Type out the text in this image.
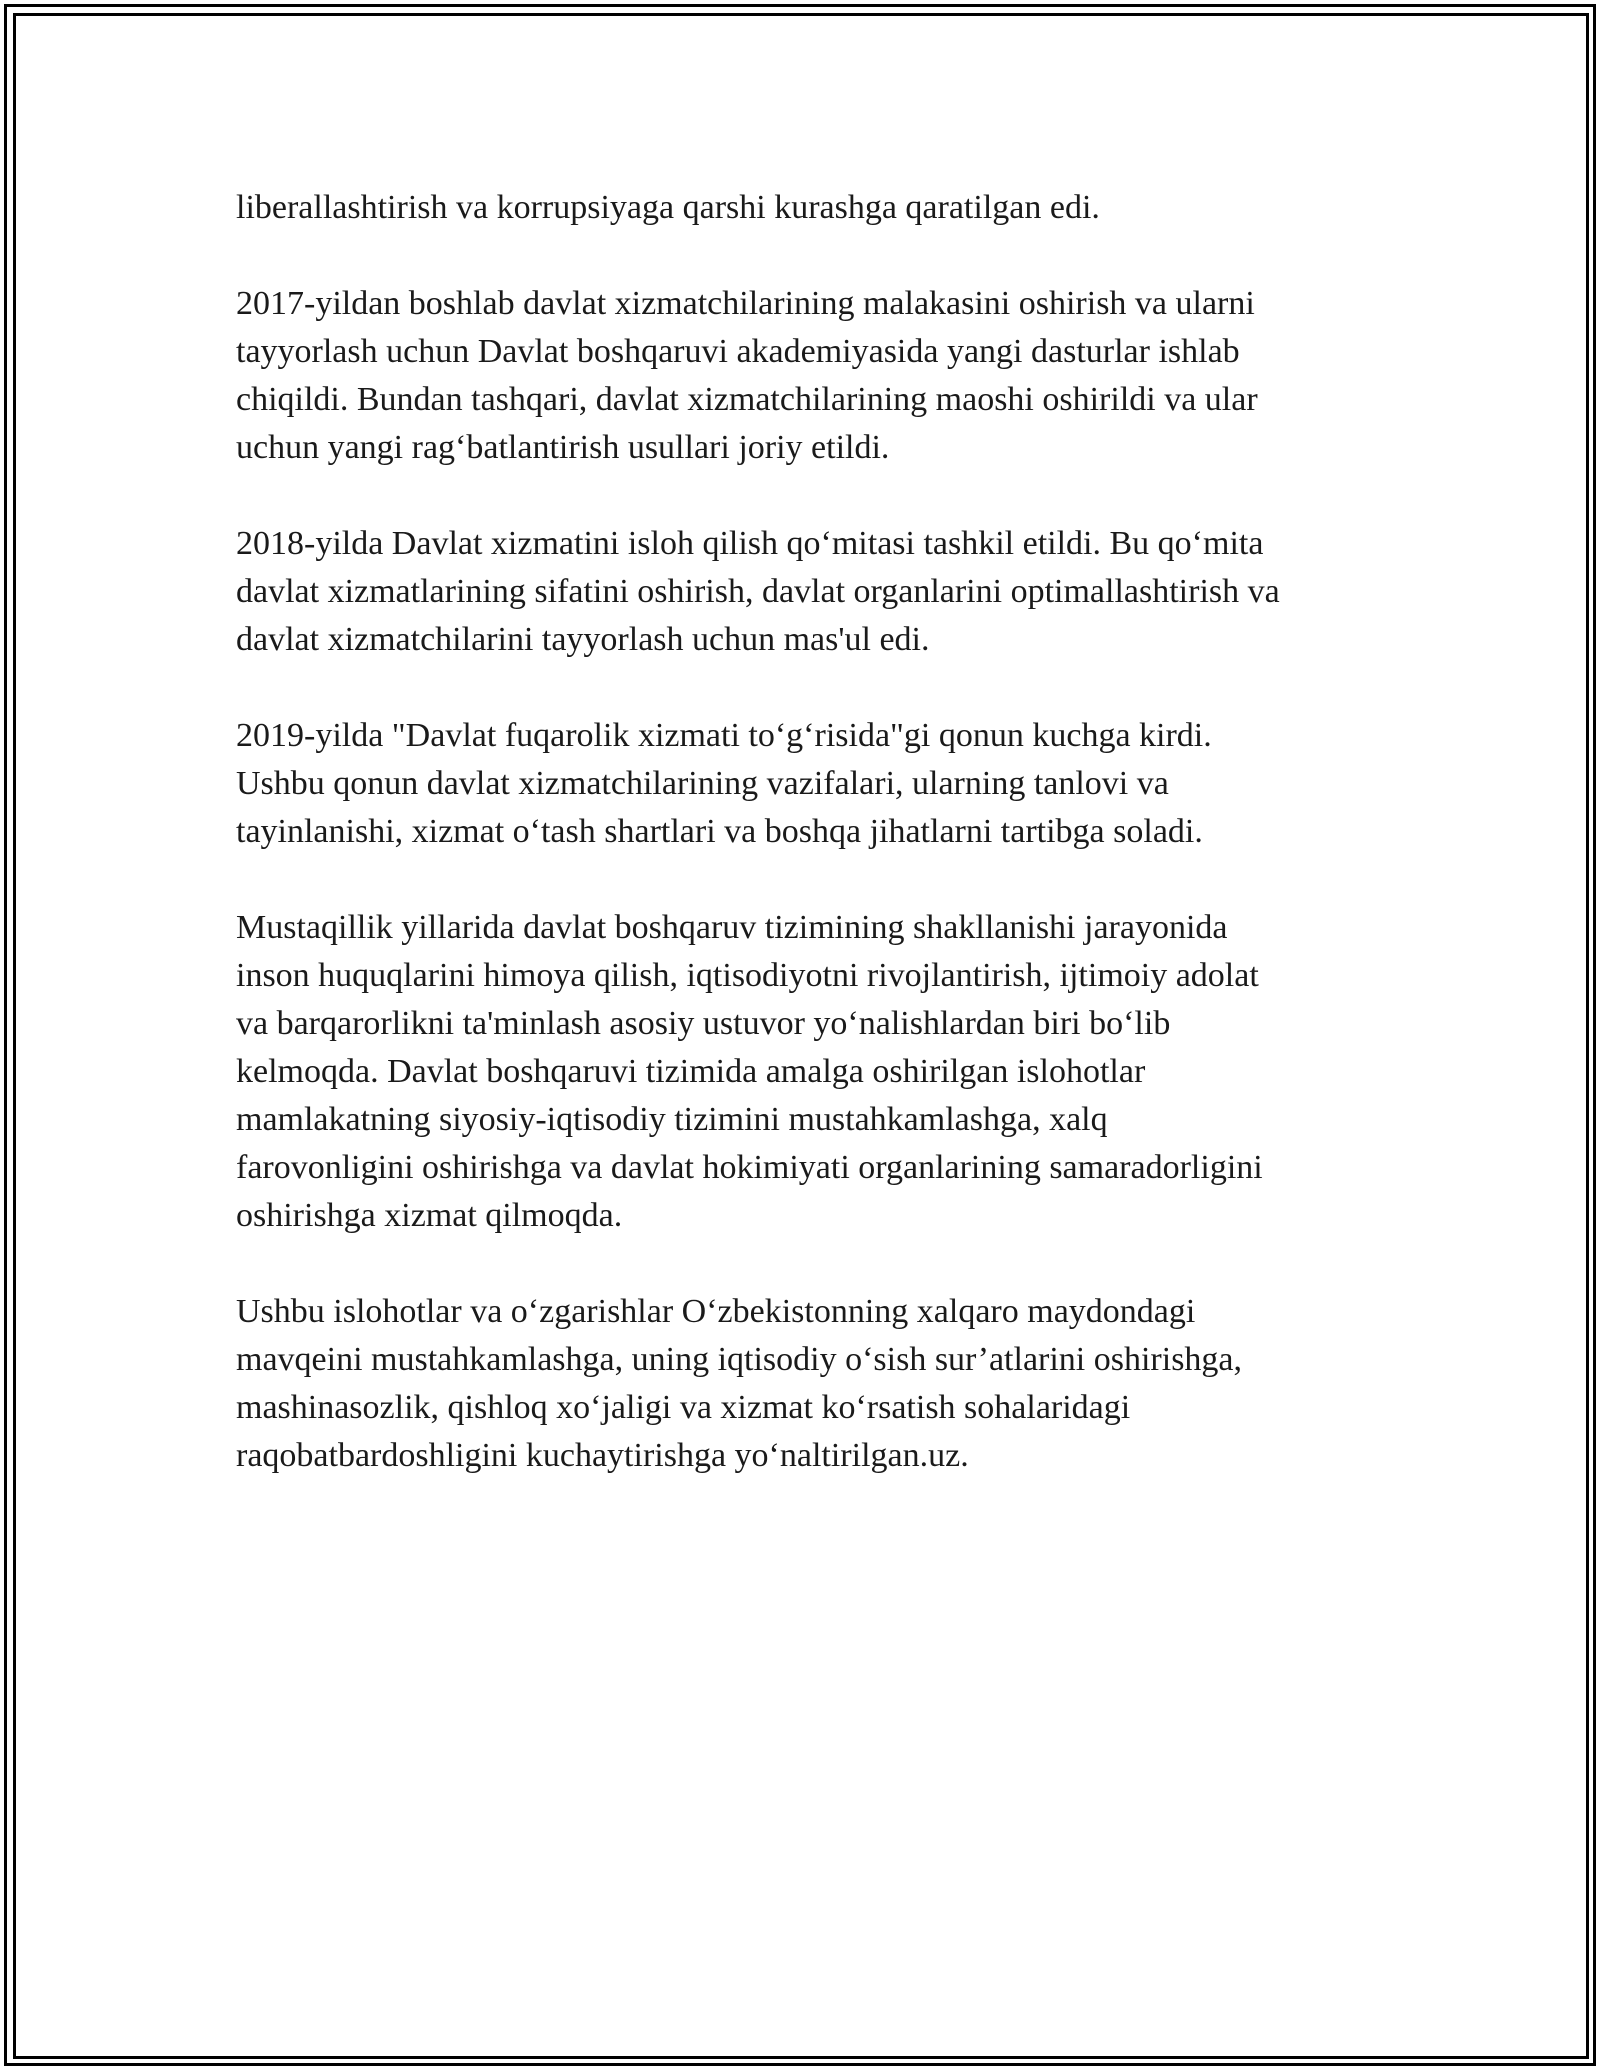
liberallashtirish va korrupsiyaga qarshi kurashga qaratilgan edi.

2017-yildan boshlab davlat xizmatchilarining malakasini oshirish va ularni
tayyorlash uchun Davlat boshqaruvi akademiyasida yangi dasturlar ishlab
chiqildi. Bundan tashqari, davlat xizmatchilarining maoshi oshirildi va ular
uchun yangi rag‘batlantirish usullari joriy etildi.

2018-yilda Davlat xizmatini isloh qilish qo‘mitasi tashkil etildi. Bu qo‘mita
davlat xizmatlarining sifatini oshirish, davlat organlarini optimallashtirish va
davlat xizmatchilarini tayyorlash uchun mas'ul edi.

2019-yilda "Davlat fuqarolik xizmati to‘g‘risida"gi qonun kuchga kirdi.
Ushbu qonun davlat xizmatchilarining vazifalari, ularning tanlovi va
tayinlanishi, xizmat o‘tash shartlari va boshqa jihatlarni tartibga soladi.

Mustaqillik yillarida davlat boshqaruv tizimining shakllanishi jarayonida
inson huquqlarini himoya qilish, iqtisodiyotni rivojlantirish, ijtimoiy adolat
va barqarorlikni ta'minlash asosiy ustuvor yo‘nalishlardan biri bo‘lib
kelmoqda. Davlat boshqaruvi tizimida amalga oshirilgan islohotlar
mamlakatning siyosiy-iqtisodiy tizimini mustahkamlashga, xalq
farovonligini oshirishga va davlat hokimiyati organlarining samaradorligini
oshirishga xizmat qilmoqda.

Ushbu islohotlar va o‘zgarishlar O‘zbekistonning xalqaro maydondagi
mavqeini mustahkamlashga, uning iqtisodiy o‘sish sur’atlarini oshirishga,
mashinasozlik, qishloq xo‘jaligi va xizmat ko‘rsatish sohalaridagi
raqobatbardoshligini kuchaytirishga yo‘naltirilgan.uz.
